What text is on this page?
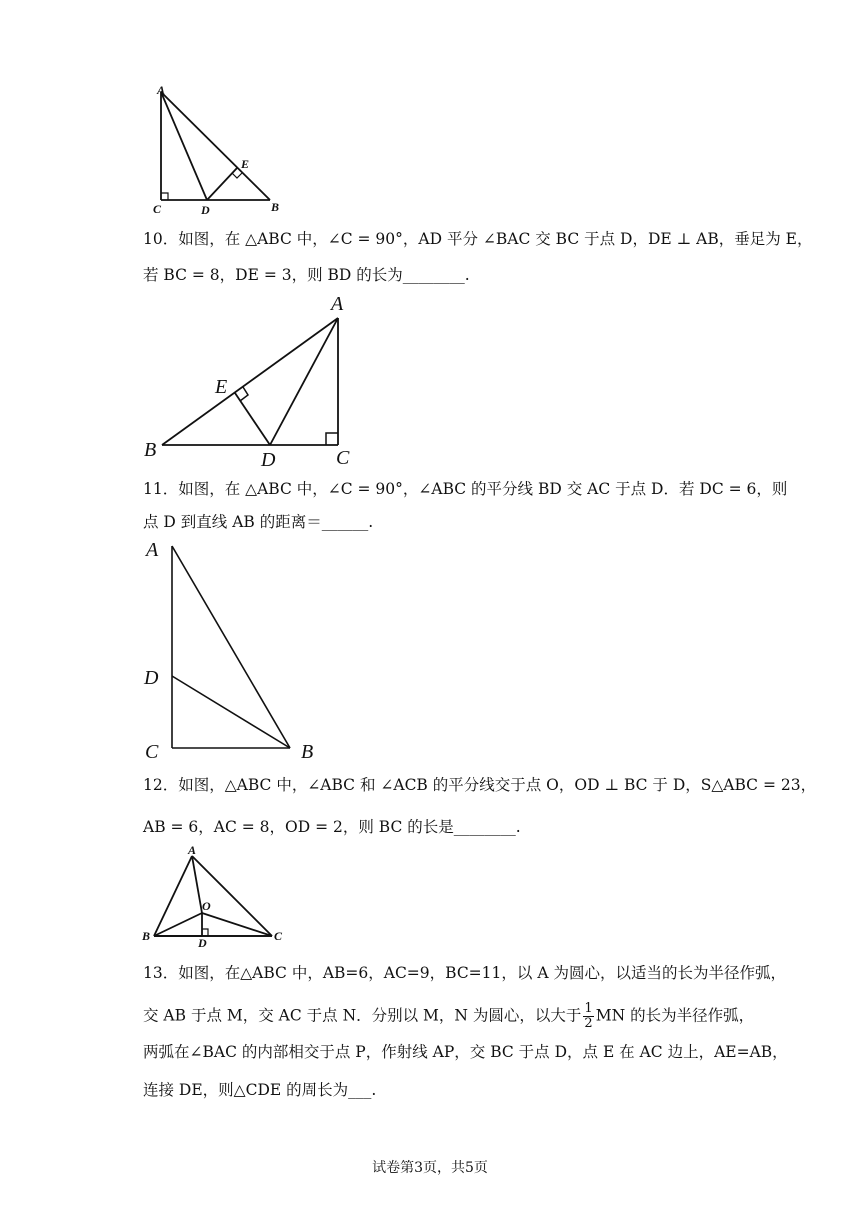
A
C	D	B
E
10．如图，在 △ABC 中，∠C = 90°，AD 平分 ∠BAC 交 BC 于点 D，DE ⊥ AB，垂足为 E，
若 BC = 8，DE = 3，则 BD 的长为________.
A
B	D	C
E
11．如图，在 △ABC 中，∠C = 90°，∠ABC 的平分线 BD 交 AC 于点 D．若 DC = 6，则
点 D 到直线 AB 的距离＝______.
A
D
C	B
12．如图，△ABC 中，∠ABC 和 ∠ACB 的平分线交于点 O，OD ⊥ BC 于 D，S△ABC = 23，
AB = 6，AC = 8，OD = 2，则 BC 的长是________.
A
B	C
D
O
13．如图，在△ABC 中，AB=6，AC=9，BC=11，以 A 为圆心，以适当的长为半径作弧，
交 AB 于点 M，交 AC 于点 N．分别以 M，N 为圆心，以大于 $\frac{1}{2}$ MN 的长为半径作弧，
两弧在∠BAC 的内部相交于点 P，作射线 AP，交 BC 于点 D，点 E 在 AC 边上，AE=AB，
连接 DE，则△CDE 的周长为___.
试卷第3页，共5页
